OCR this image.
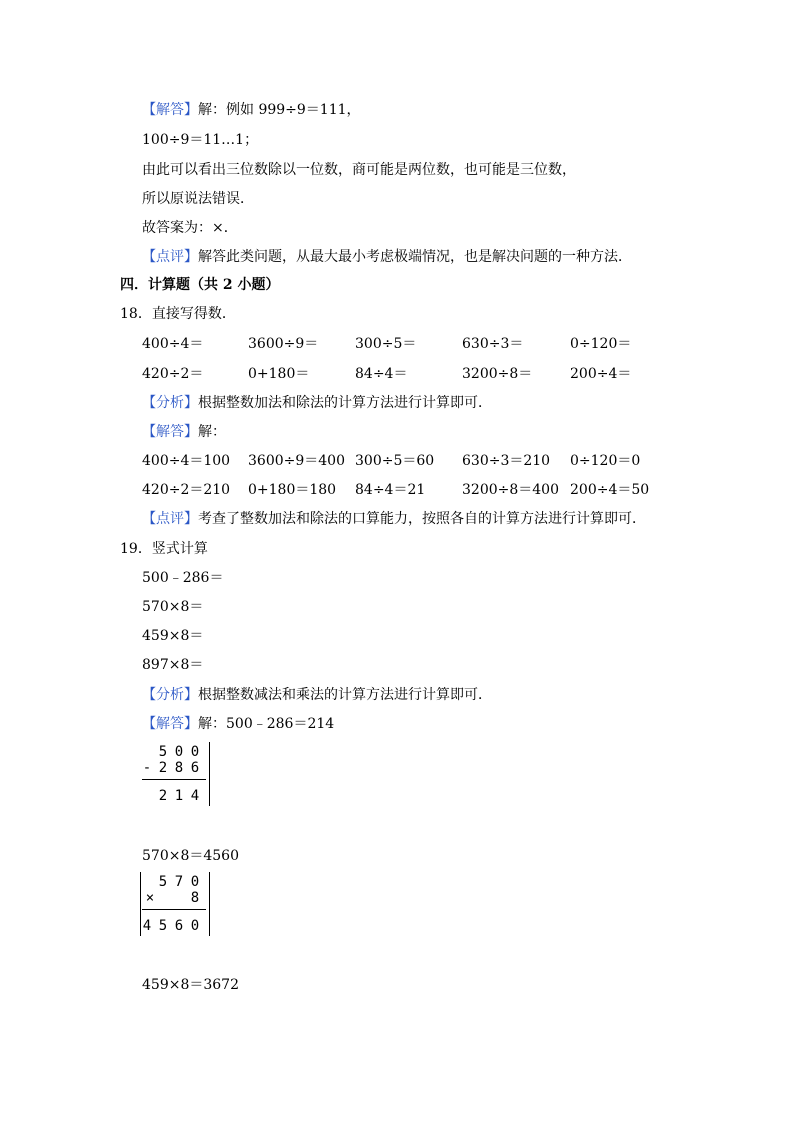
【解答】解：例如 999÷9＝111，
100÷9＝11…1；
由此可以看出三位数除以一位数，商可能是两位数，也可能是三位数，
所以原说法错误．
故答案为：×．
【点评】解答此类问题，从最大最小考虑极端情况，也是解决问题的一种方法．
四．计算题（共 2 小题）
18．直接写得数．
400÷4＝	3600÷9＝	300÷5＝	630÷3＝	0÷120＝
420÷2＝	0+180＝	84÷4＝	3200÷8＝	200÷4＝
【分析】根据整数加法和除法的计算方法进行计算即可．
【解答】解：
400÷4＝100 3600÷9＝400 300÷5＝60 630÷3＝210 0÷120＝0
420÷2＝210 0+180＝180 84÷4＝21	3200÷8＝400 200÷4＝50
【点评】考查了整数加法和除法的口算能力，按照各自的计算方法进行计算即可．
19．竖式计算
500﹣286＝
570×8＝
459×8＝
897×8＝
【分析】根据整数减法和乘法的计算方法进行计算即可．
【解答】解：500﹣286＝214
5 0 0
- 2 8 6
2 1 4
570×8＝4560
5 7 0
×	8
4 5 6 0
459×8＝3672
